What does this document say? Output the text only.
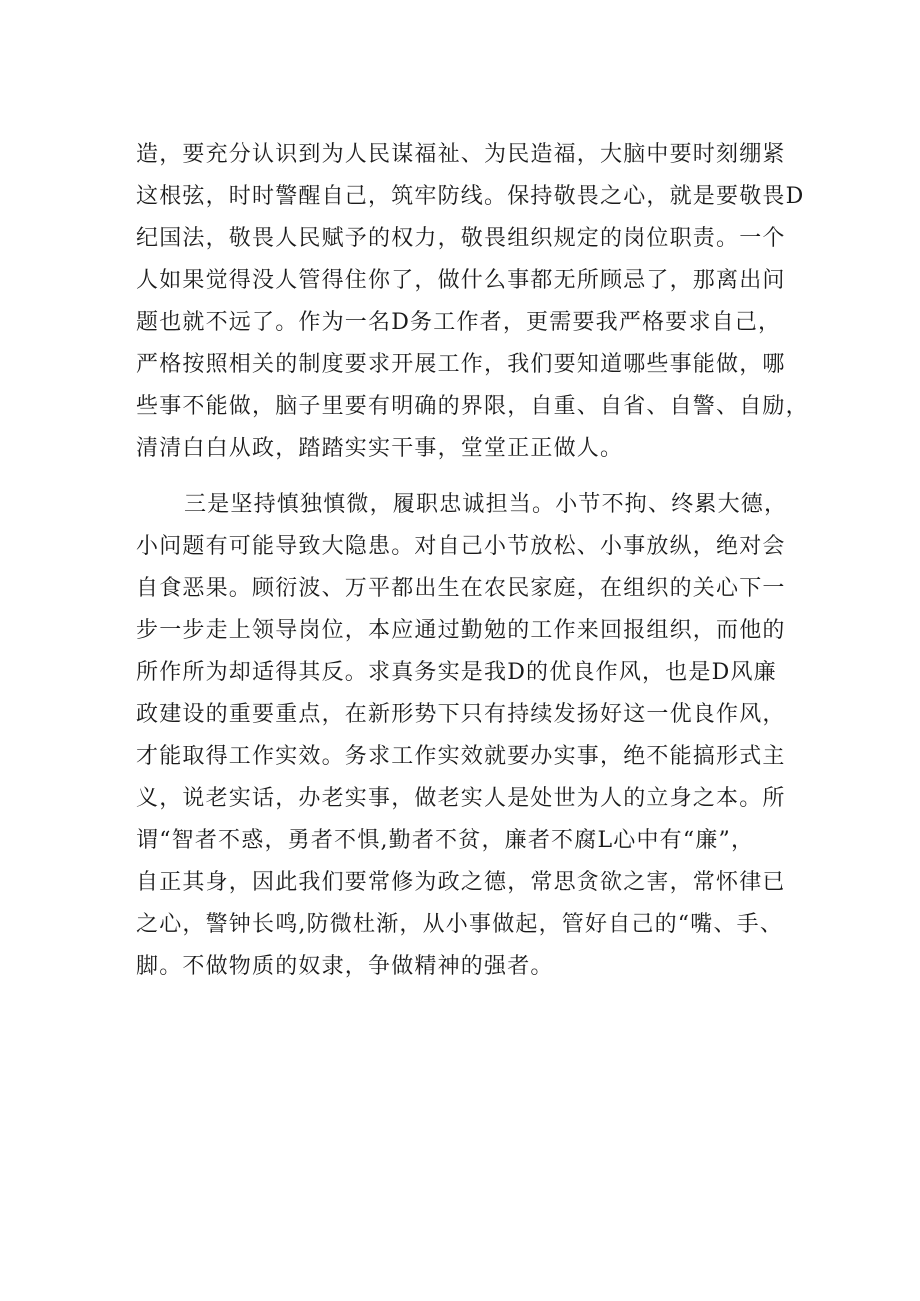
造，要充分认识到为人民谋福祉、为民造福，大脑中要时刻绷紧
这根弦，时时警醒自己，筑牢防线。保持敬畏之心，就是要敬畏D
纪国法，敬畏人民赋予的权力，敬畏组织规定的岗位职责。一个
人如果觉得没人管得住你了，做什么事都无所顾忌了，那离出问
题也就不远了。作为一名D务工作者，更需要我严格要求自己，
严格按照相关的制度要求开展工作，我们要知道哪些事能做，哪
些事不能做，脑子里要有明确的界限，自重、自省、自警、自励，
清清白白从政，踏踏实实干事，堂堂正正做人。
三是坚持慎独慎微，履职忠诚担当。小节不拘、终累大德，
小问题有可能导致大隐患。对自己小节放松、小事放纵，绝对会
自食恶果。顾衍波、万平都出生在农民家庭，在组织的关心下一
步一步走上领导岗位，本应通过勤勉的工作来回报组织，而他的
所作所为却适得其反。求真务实是我D的优良作风，也是D风廉
政建设的重要重点，在新形势下只有持续发扬好这一优良作风，
才能取得工作实效。务求工作实效就要办实事，绝不能搞形式主
义，说老实话，办老实事，做老实人是处世为人的立身之本。所
谓“智者不惑，勇者不惧,勤者不贫，廉者不腐L心中有“廉”，
自正其身，因此我们要常修为政之德，常思贪欲之害，常怀律已
之心，警钟长鸣,防微杜渐，从小事做起，管好自己的“嘴、手、
脚。不做物质的奴隶，争做精神的强者。
